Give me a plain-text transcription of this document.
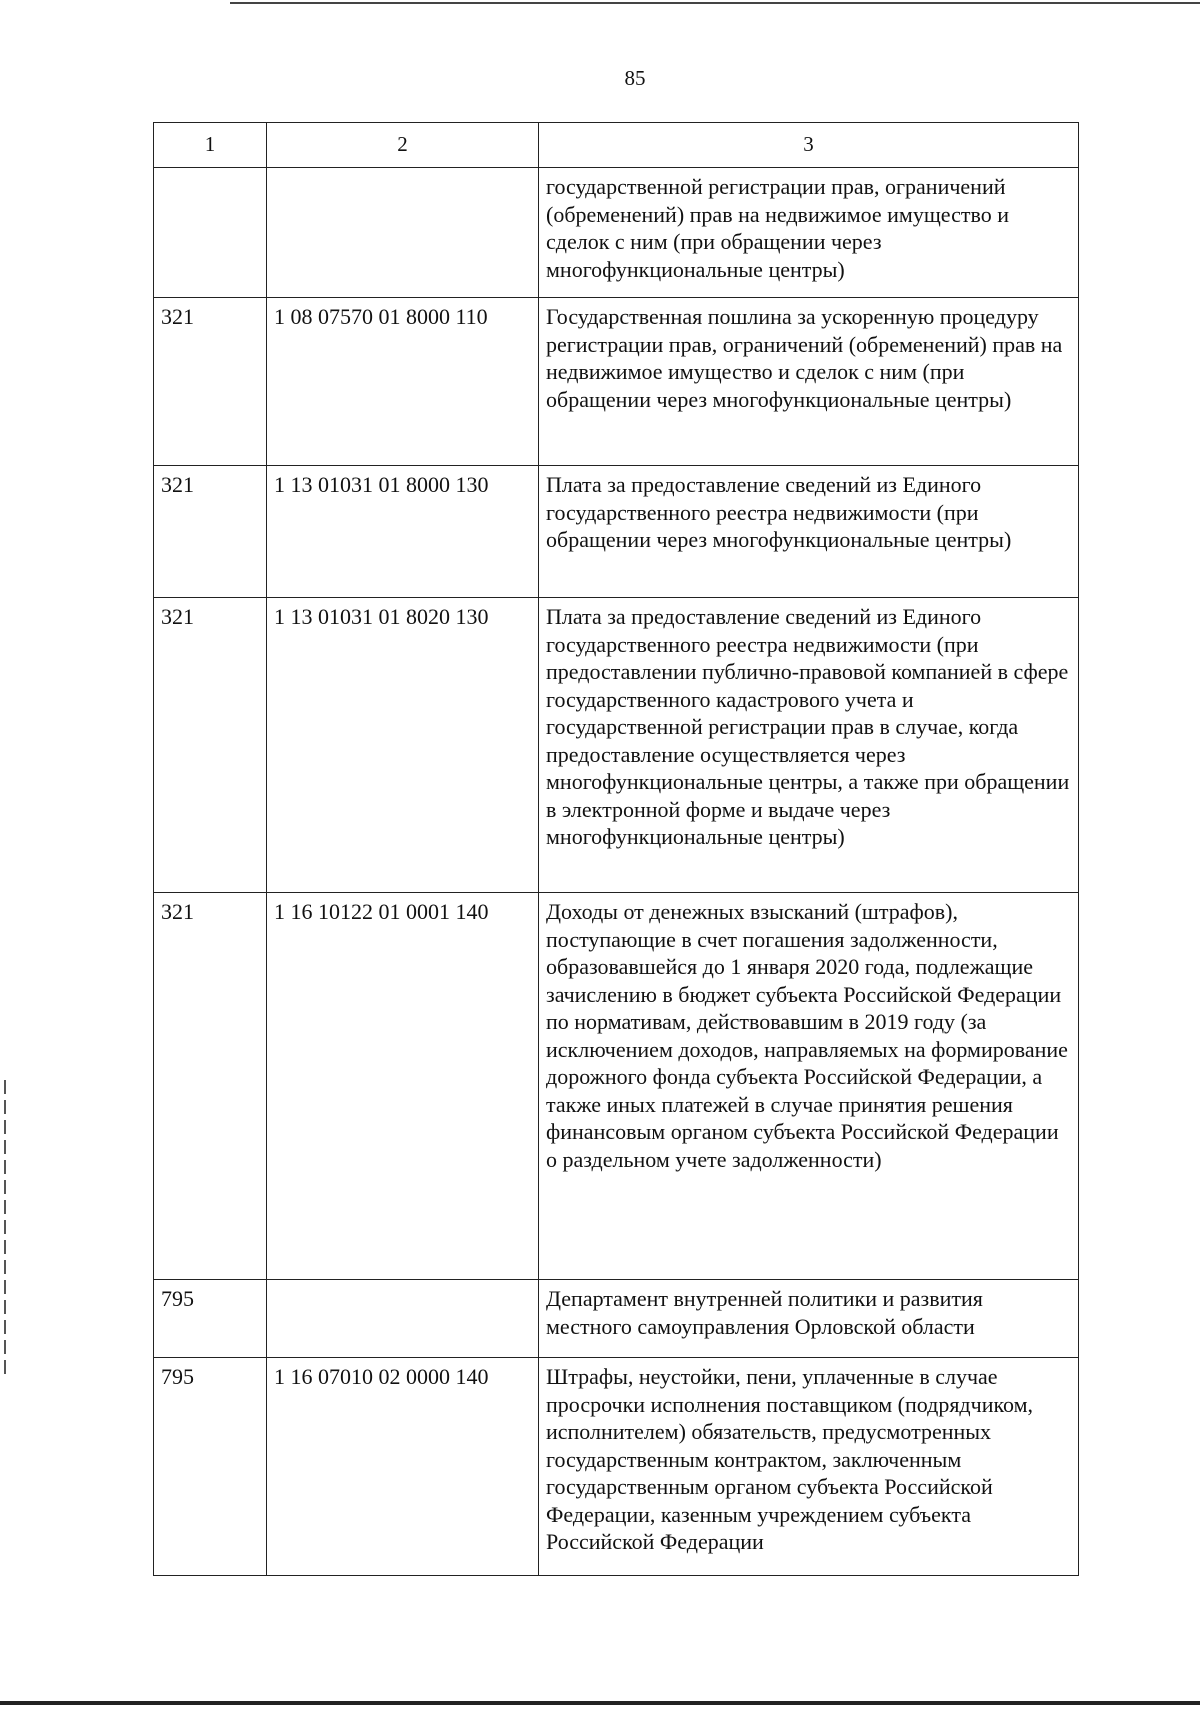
85
1	2	3
		государственной регистрации прав, ограничений (обременений) прав на недвижимое имущество и сделок с ним (при обращении через многофункциональные центры)
321	1 08 07570 01 8000 110	Государственная пошлина за ускоренную процедуру регистрации прав, ограничений (обременений) прав на недвижимое имущество и сделок с ним (при обращении через многофункциональные центры)
321	1 13 01031 01 8000 130	Плата за предоставление сведений из Единого государственного реестра недвижимости (при обращении через многофункциональные центры)
321	1 13 01031 01 8020 130	Плата за предоставление сведений из Единого государственного реестра недвижимости (при предоставлении публично-правовой компанией в сфере государственного кадастрового учета и государственной регистрации прав в случае, когда предоставление осуществляется через многофункциональные центры, а также при обращении в электронной форме и выдаче через многофункциональные центры)
321	1 16 10122 01 0001 140	Доходы от денежных взысканий (штрафов), поступающие в счет погашения задолженности, образовавшейся до 1 января 2020 года, подлежащие зачислению в бюджет субъекта Российской Федерации по нормативам, действовавшим в 2019 году (за исключением доходов, направляемых на формирование дорожного фонда субъекта Российской Федерации, а также иных платежей в случае принятия решения финансовым органом субъекта Российской Федерации о раздельном учете задолженности)
795		Департамент внутренней политики и развития местного самоуправления Орловской области
795	1 16 07010 02 0000 140	Штрафы, неустойки, пени, уплаченные в случае просрочки исполнения поставщиком (подрядчиком, исполнителем) обязательств, предусмотренных государственным контрактом, заключенным государственным органом субъекта Российской Федерации, казенным учреждением субъекта Российской Федерации
